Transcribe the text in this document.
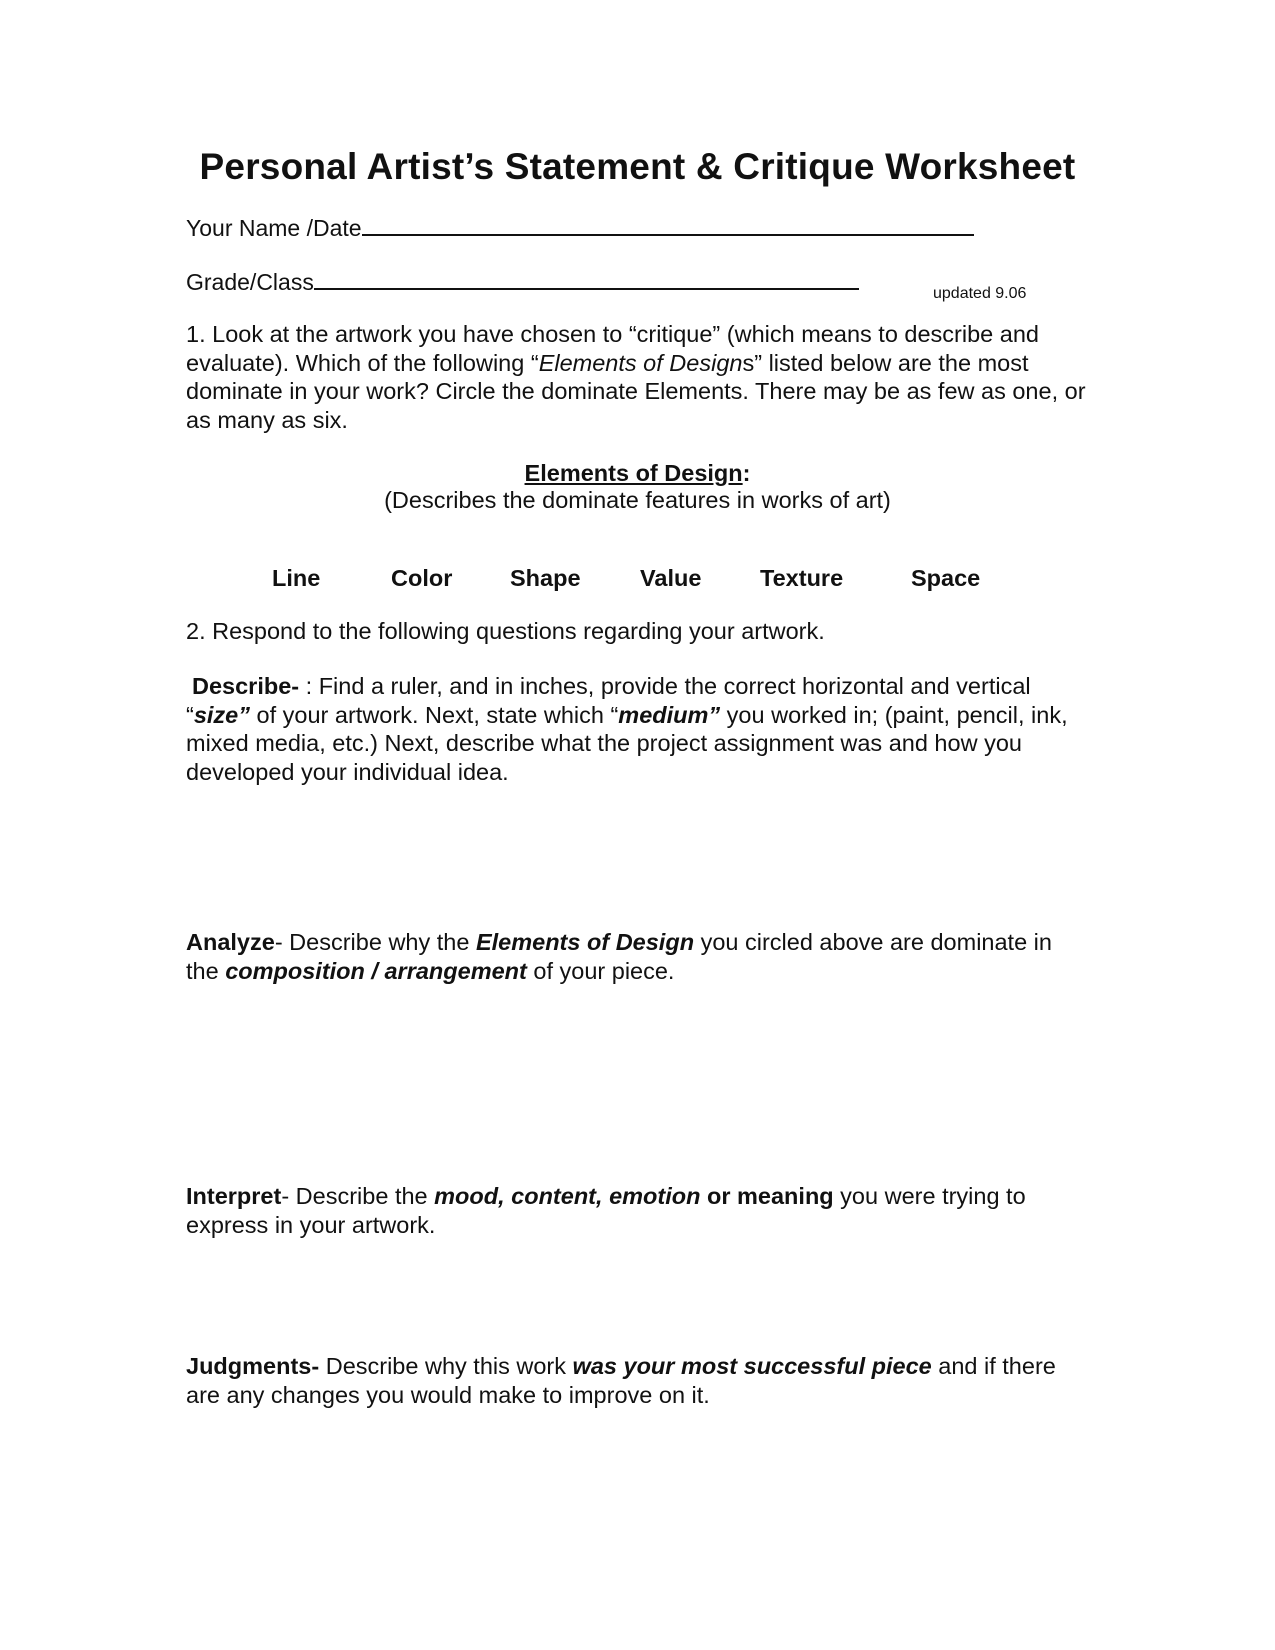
Personal Artist’s Statement & Critique Worksheet
Your Name /Date
Grade/Class	updated 9.06
1. Look at the artwork you have chosen to “critique” (which means to describe and evaluate). Which of the following “Elements of Designs” listed below are the most dominate in your work? Circle the dominate Elements. There may be as few as one, or as many as six.
Elements of Design:
(Describes the dominate features in works of art)
Line	Color Shape	Value Texture	Space
2. Respond to the following questions regarding your artwork.
Describe- : Find a ruler, and in inches, provide the correct horizontal and vertical “size” of your artwork. Next, state which “medium” you worked in; (paint, pencil, ink, mixed media, etc.) Next, describe what the project assignment was and how you developed your individual idea.
Analyze- Describe why the Elements of Design you circled above are dominate in the composition / arrangement of your piece.
Interpret- Describe the mood, content, emotion or meaning you were trying to express in your artwork.
Judgments- Describe why this work was your most successful piece and if there are any changes you would make to improve on it.
